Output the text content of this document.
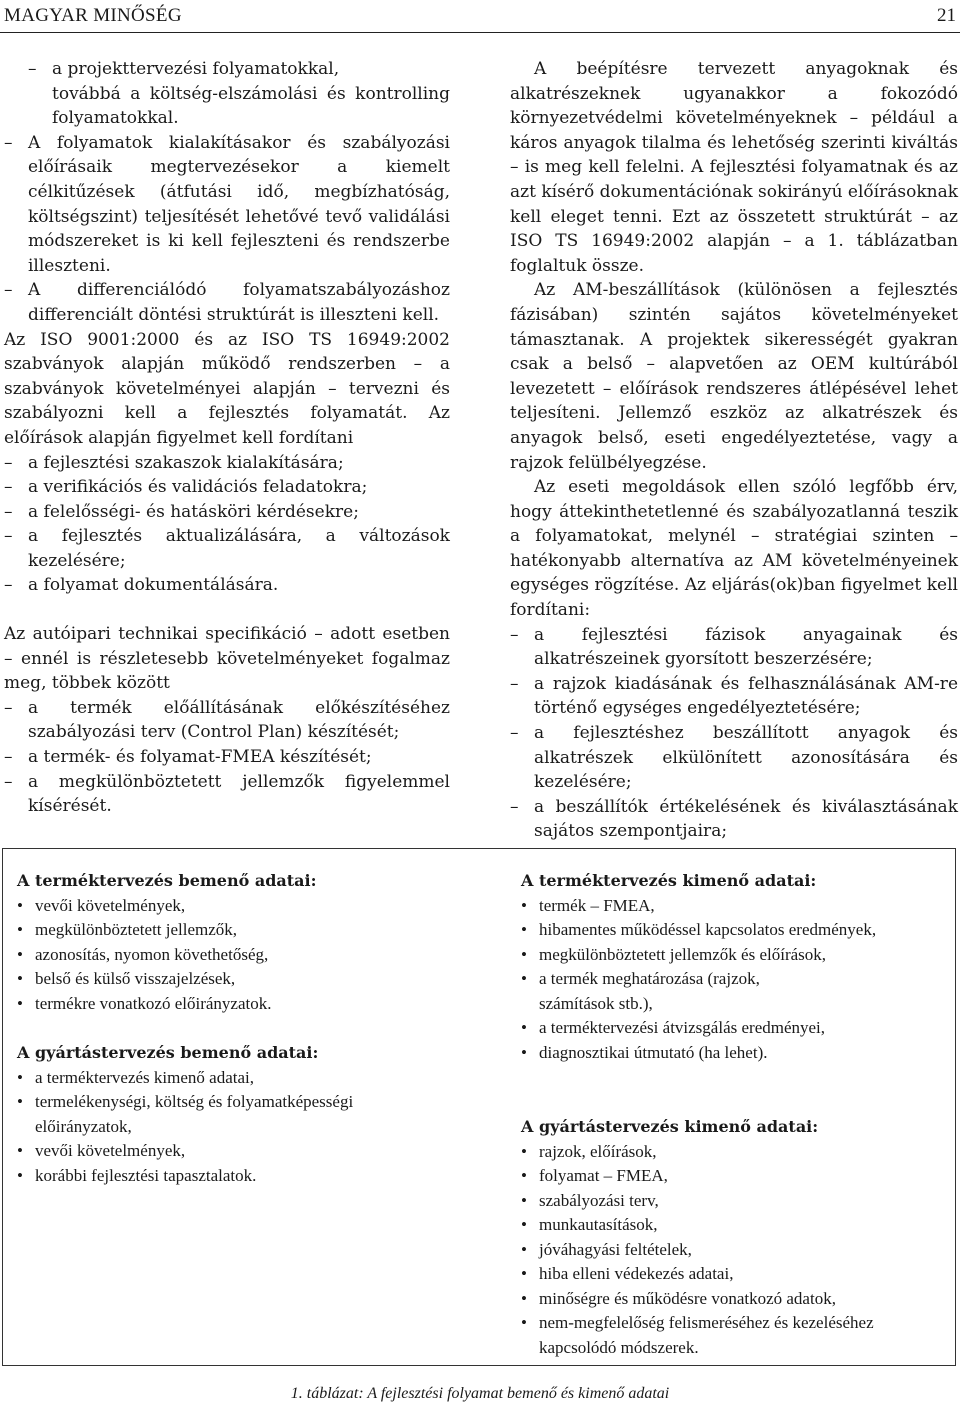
MAGYAR MINŐSÉG	21

– a projekttervezési folyamatokkal,

továbbá a költség-elszámolási és kontrolling folyamatokkal.

– A folyamatok kialakításakor és szabályozási előírásaik megtervezésekor a kiemelt célkitűzések (átfutási idő, megbízhatóság, költségszint) teljesítését lehetővé tevő validálási módszereket is ki kell fejleszteni és rendszerbe illeszteni.

– A differenciálódó folyamatszabályozáshoz differenciált döntési struktúrát is illeszteni kell.

Az ISO 9001:2000 és az ISO TS 16949:2002 szabványok alapján működő rendszerben – a szabványok követelményei alapján – tervezni és szabályozni kell a fejlesztés folyamatát. Az előírások alapján figyelmet kell fordítani

– a fejlesztési szakaszok kialakítására;

– a verifikációs és validációs feladatokra;

– a felelősségi- és hatásköri kérdésekre;

– a fejlesztés aktualizálására, a változások kezelésére;

– a folyamat dokumentálására.

Az autóipari technikai specifikáció – adott esetben – ennél is részletesebb követelményeket fogalmaz meg, többek között

– a termék előállításának előkészítéséhez szabályozási terv (Control Plan) készítését;

– a termék- és folyamat-FMEA készítését;

– a megkülönböztetett jellemzők figyelemmel kísérését.

A beépítésre tervezett anyagoknak és alkatrészeknek ugyanakkor a fokozódó környezetvédelmi követelményeknek – például a káros anyagok tilalma és lehetőség szerinti kiváltás – is meg kell felelni. A fejlesztési folyamatnak és az azt kísérő dokumentációnak sokirányú előírásoknak kell eleget tenni. Ezt az összetett struktúrát – az ISO TS 16949:2002 alapján – a 1. táblázatban foglaltuk össze.

Az AM-beszállítások (különösen a fejlesztés fázisában) szintén sajátos követelményeket támasztanak. A projektek sikerességét gyakran csak a belső – alapvetően az OEM kultúrából levezetett – előírások rendszeres átlépésével lehet teljesíteni. Jellemző eszköz az alkatrészek és anyagok belső, eseti engedélyeztetése, vagy a rajzok felülbélyegzése.

Az eseti megoldások ellen szóló legfőbb érv, hogy áttekinthetetlenné és szabályozatlanná teszik a folyamatokat, melynél – stratégiai szinten – hatékonyabb alternatíva az AM követelményeinek egységes rögzítése. Az eljárás(ok)ban figyelmet kell fordítani:

– a fejlesztési fázisok anyagainak és alkatrészeinek gyorsított beszerzésére;

– a rajzok kiadásának és felhasználásának AM-re történő egységes engedélyeztetésére;

– a fejlesztéshez beszállított anyagok és alkatrészek elkülönített azonosítására és kezelésére;

– a beszállítók értékelésének és kiválasztásának sajátos szempontjaira;

A terméktervezés bemenő adatai:
• vevői követelmények,
• megkülönböztetett jellemzők,
• azonosítás, nyomon követhetőség,
• belső és külső visszajelzések,
• termékre vonatkozó előirányzatok.
A gyártástervezés bemenő adatai:
• a terméktervezés kimenő adatai,
• termelékenységi, költség és folyamatképességi előirányzatok,
• vevői követelmények,
• korábbi fejlesztési tapasztalatok.
A terméktervezés kimenő adatai:
• termék – FMEA,
• hibamentes működéssel kapcsolatos eredmények,
• megkülönböztetett jellemzők és előírások,
• a termék meghatározása (rajzok, számítások stb.),
• a terméktervezési átvizsgálás eredményei,
• diagnosztikai útmutató (ha lehet).
A gyártástervezés kimenő adatai:
• rajzok, előírások,
• folyamat – FMEA,
• szabályozási terv,
• munkautasítások,
• jóváhagyási feltételek,
• hiba elleni védekezés adatai,
• minőségre és működésre vonatkozó adatok,
• nem-megfelelőség felismeréséhez és kezeléséhez kapcsolódó módszerek.
1. táblázat: A fejlesztési folyamat bemenő és kimenő adatai
